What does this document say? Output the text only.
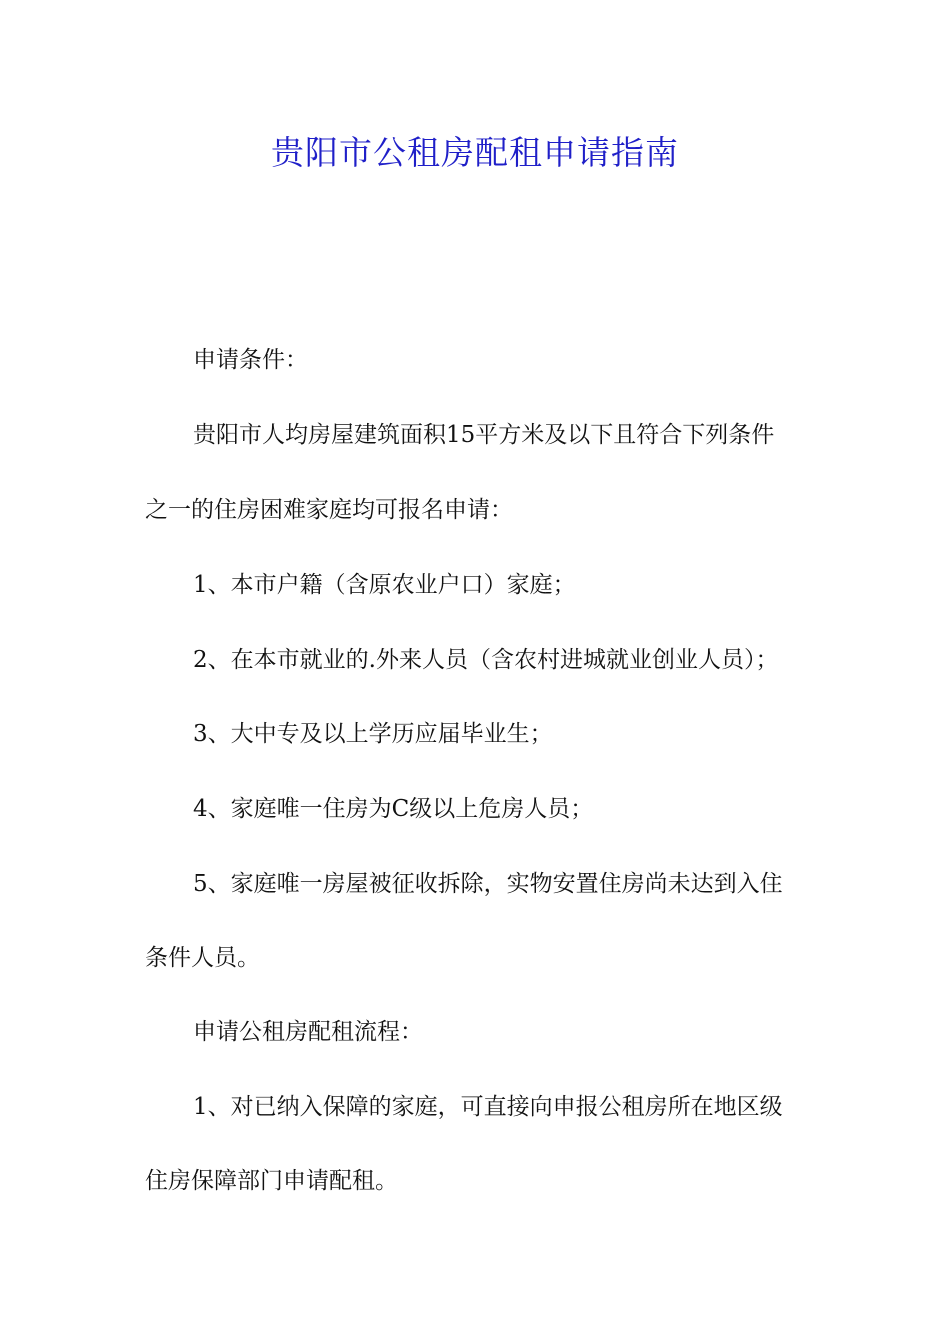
贵阳市公租房配租申请指南
申请条件：
贵阳市人均房屋建筑面积15平方米及以下且符合下列条件
之一的住房困难家庭均可报名申请：
1、本市户籍（含原农业户口）家庭；
2、在本市就业的.外来人员（含农村进城就业创业人员）；
3、大中专及以上学历应届毕业生；
4、家庭唯一住房为C级以上危房人员；
5、家庭唯一房屋被征收拆除，实物安置住房尚未达到入住
条件人员。
申请公租房配租流程：
1、对已纳入保障的家庭，可直接向申报公租房所在地区级
住房保障部门申请配租。
